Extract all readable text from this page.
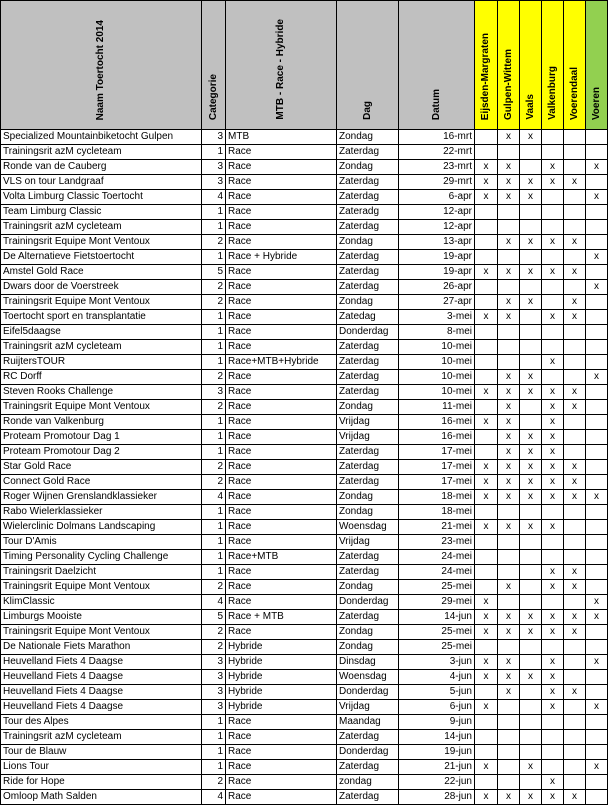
Naam Toertocht 2014	Categorie	MTB - Race - Hybride	Dag	Datum	Eijsden-Margraten	Gulpen-Wittem	Vaals	Valkenburg	Voerendaal	Voeren
Specialized Mountainbiketocht Gulpen	3	MTB	Zondag	16-mrt		x	x			
Trainingsrit azM cycleteam	1	Race	Zaterdag	22-mrt						
Ronde van de Cauberg	3	Race	Zondag	23-mrt	x	x		x		x
VLS on tour Landgraaf	3	Race	Zaterdag	29-mrt	x	x	x	x	x	
Volta Limburg Classic Toertocht	4	Race	Zaterdag	6-apr	x	x	x			x
Team Limburg Classic	1	Race	Zateradg	12-apr						
Trainingsrit azM cycleteam	1	Race	Zaterdag	12-apr						
Trainingsrit Equipe Mont Ventoux	2	Race	Zondag	13-apr		x	x	x	x	
De Alternatieve Fietstoertocht	1	Race + Hybride	Zaterdag	19-apr						x
Amstel Gold Race	5	Race	Zaterdag	19-apr	x	x	x	x	x	
Dwars door de Voerstreek	2	Race	Zaterdag	26-apr						x
Trainingsrit Equipe Mont Ventoux	2	Race	Zondag	27-apr		x	x		x	
Toertocht sport en transplantatie	1	Race	Zatedag	3-mei	x	x		x	x	
Eifel5daagse	1	Race	Donderdag	8-mei						
Trainingsrit azM cycleteam	1	Race	Zaterdag	10-mei						
RuijtersTOUR	1	Race+MTB+Hybride	Zaterdag	10-mei				x		
RC Dorff	2	Race	Zaterdag	10-mei		x	x			x
Steven Rooks Challenge	3	Race	Zaterdag	10-mei	x	x	x	x	x	
Trainingsrit Equipe Mont Ventoux	2	Race	Zondag	11-mei		x		x	x	
Ronde van Valkenburg	1	Race	Vrijdag	16-mei	x	x		x		
Proteam Promotour Dag 1	1	Race	Vrijdag	16-mei		x	x	x		
Proteam Promotour Dag 2	1	Race	Zaterdag	17-mei		x	x	x		
Star Gold Race	2	Race	Zaterdag	17-mei	x	x	x	x	x	
Connect Gold Race	2	Race	Zaterdag	17-mei	x	x	x	x	x	
Roger Wijnen Grenslandklassieker	4	Race	Zondag	18-mei	x	x	x	x	x	x
Rabo Wielerklassieker	1	Race	Zondag	18-mei						
Wielerclinic Dolmans Landscaping	1	Race	Woensdag	21-mei	x	x	x	x		
Tour D'Amis	1	Race	Vrijdag	23-mei						
Timing Personality Cycling Challenge	1	Race+MTB	Zaterdag	24-mei						
Trainingsrit Daelzicht	1	Race	Zaterdag	24-mei				x	x	
Trainingsrit Equipe Mont Ventoux	2	Race	Zondag	25-mei		x		x	x	
KlimClassic	4	Race	Donderdag	29-mei	x					x
Limburgs Mooiste	5	Race + MTB	Zaterdag	14-jun	x	x	x	x	x	x
Trainingsrit Equipe Mont Ventoux	2	Race	Zondag	25-mei	x	x	x	x	x	
De Nationale Fiets Marathon	2	Hybride	Zondag	25-mei						
Heuvelland Fiets 4 Daagse	3	Hybride	Dinsdag	3-jun	x	x		x		x
Heuvelland Fiets 4 Daagse	3	Hybride	Woensdag	4-jun	x	x	x	x		
Heuvelland Fiets 4 Daagse	3	Hybride	Donderdag	5-jun		x		x	x	
Heuvelland Fiets 4 Daagse	3	Hybride	Vrijdag	6-jun	x			x		x
Tour des Alpes	1	Race	Maandag	9-jun						
Trainingsrit azM cycleteam	1	Race	Zaterdag	14-jun						
Tour de Blauw	1	Race	Donderdag	19-jun						
Lions Tour	1	Race	Zaterdag	21-jun	x		x			x
Ride for Hope	2	Race	zondag	22-jun				x		
Omloop Math Salden	4	Race	Zaterdag	28-jun	x	x	x	x	x	
